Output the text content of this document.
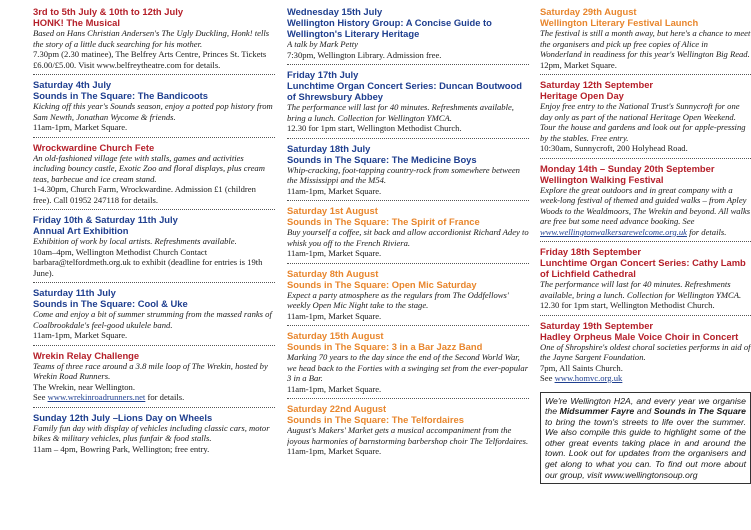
3rd to 5th July & 10th to 12th July
HONK! The Musical
Based on Hans Christian Andersen's The Ugly Duckling, Honk! tells the story of a little duck searching for his mother.
7.30pm (2.30 matinee), The Belfrey Arts Centre, Princes St. Tickets £6.00/£5.00. Visit www.belfreytheatre.com for details.
Saturday 4th July
Sounds in The Square: The Bandicoots
Kicking off this year's Sounds season, enjoy a potted pop history from Sam Newth, Jonathan Wycome & friends.
11am-1pm, Market Square.
Wrockwardine Church Fete
An old-fashioned village fete with stalls, games and activities including bouncy castle, Exotic Zoo and floral displays, plus cream teas, barbecue and ice cream stand.
1-4.30pm, Church Farm, Wrockwardine. Admission £1 (children free). Call 01952 247118 for details.
Friday 10th & Saturday 11th July
Annual Art Exhibition
Exhibition of work by local artists. Refreshments available.
10am–4pm, Wellington Methodist Church Contact barbara@telfordmeth.org.uk to exhibit (deadline for entries is 19th June).
Saturday 11th July
Sounds in The Square: Cool & Uke
Come and enjoy a bit of summer strumming from the massed ranks of Coalbrookdale's feel-good ukulele band.
11am-1pm, Market Square.
Wrekin Relay Challenge
Teams of three race around a 3.8 mile loop of The Wrekin, hosted by Wrekin Road Runners.
The Wrekin, near Wellington.
See www.wrekinroadrunners.net for details.
Sunday 12th July –Lions Day on Wheels
Family fun day with display of vehicles including classic cars, motor bikes & military vehicles, plus funfair & food stalls.
11am – 4pm, Bowring Park, Wellington; free entry.
Wednesday 15th July
Wellington History Group: A Concise Guide to Wellington's Literary Heritage
A talk by Mark Petty
7:30pm, Wellington Library. Admission free.
Friday 17th July
Lunchtime Organ Concert Series: Duncan Boutwood of Shrewsbury Abbey
The performance will last for 40 minutes. Refreshments available, bring a lunch. Collection for Wellington YMCA.
12.30 for 1pm start, Wellington Methodist Church.
Saturday 18th July
Sounds in The Square: The Medicine Boys
Whip-cracking, foot-tapping country-rock from somewhere between the Mississippi and the M54.
11am-1pm, Market Square.
Saturday 1st August
Sounds in The Square: The Spirit of France
Buy yourself a coffee, sit back and allow accordionist Richard Adey to whisk you off to the French Riviera.
11am-1pm, Market Square.
Saturday 8th August
Sounds in The Square: Open Mic Saturday
Expect a party atmosphere as the regulars from The Oddfellows' weekly Open Mic Night take to the stage.
11am-1pm, Market Square.
Saturday 15th August
Sounds in The Square: 3 in a Bar Jazz Band
Marking 70 years to the day since the end of the Second World War, we head back to the Forties with a swinging set from the ever-popular 3 in a Bar.
11am-1pm, Market Square.
Saturday 22nd August
Sounds in The Square: The Telfordaires
August's Makers' Market gets a musical accompaniment from the joyous harmonies of barnstorming barbershop choir The Telfordaires.
11am-1pm, Market Square.
Saturday 29th August
Wellington Literary Festival Launch
The festival is still a month away, but here's a chance to meet the organisers and pick up free copies of Alice in Wonderland in readiness for this year's Wellington Big Read.
12pm, Market Square.
Saturday 12th September
Heritage Open Day
Enjoy free entry to the National Trust's Sunnycroft for one day only as part of the national Heritage Open Weekend. Tour the house and gardens and look out for apple-pressing by the stables. Free entry.
10:30am, Sunnycroft, 200 Holyhead Road.
Monday 14th – Sunday 20th September
Wellington Walking Festival
Explore the great outdoors and in great company with a week-long festival of themed and guided walks – from Apley Woods to the Wealdmoors, The Wrekin and beyond. All walks are free but some need advance booking. See www.wellingtonwalkersarewelcome.org.uk for details.
Friday 18th September
Lunchtime Organ Concert Series: Cathy Lamb of Lichfield Cathedral
The performance will last for 40 minutes. Refreshments available, bring a lunch. Collection for Wellington YMCA.
12.30 for 1pm start, Wellington Methodist Church.
Saturday 19th September
Hadley Orpheus Male Voice Choir in Concert
One of Shropshire's oldest choral societies performs in aid of the Jayne Sargent Foundation.
7pm, All Saints Church.
See www.homvc.org.uk
We're Wellington H2A, and every year we organise the Midsummer Fayre and Sounds in The Square to bring the town's streets to life over the summer. We also compile this guide to highlight some of the other great events taking place in and around the town. Look out for updates from the organisers and get along to what you can. To find out more about our group, visit www.wellingtonsoup.org
